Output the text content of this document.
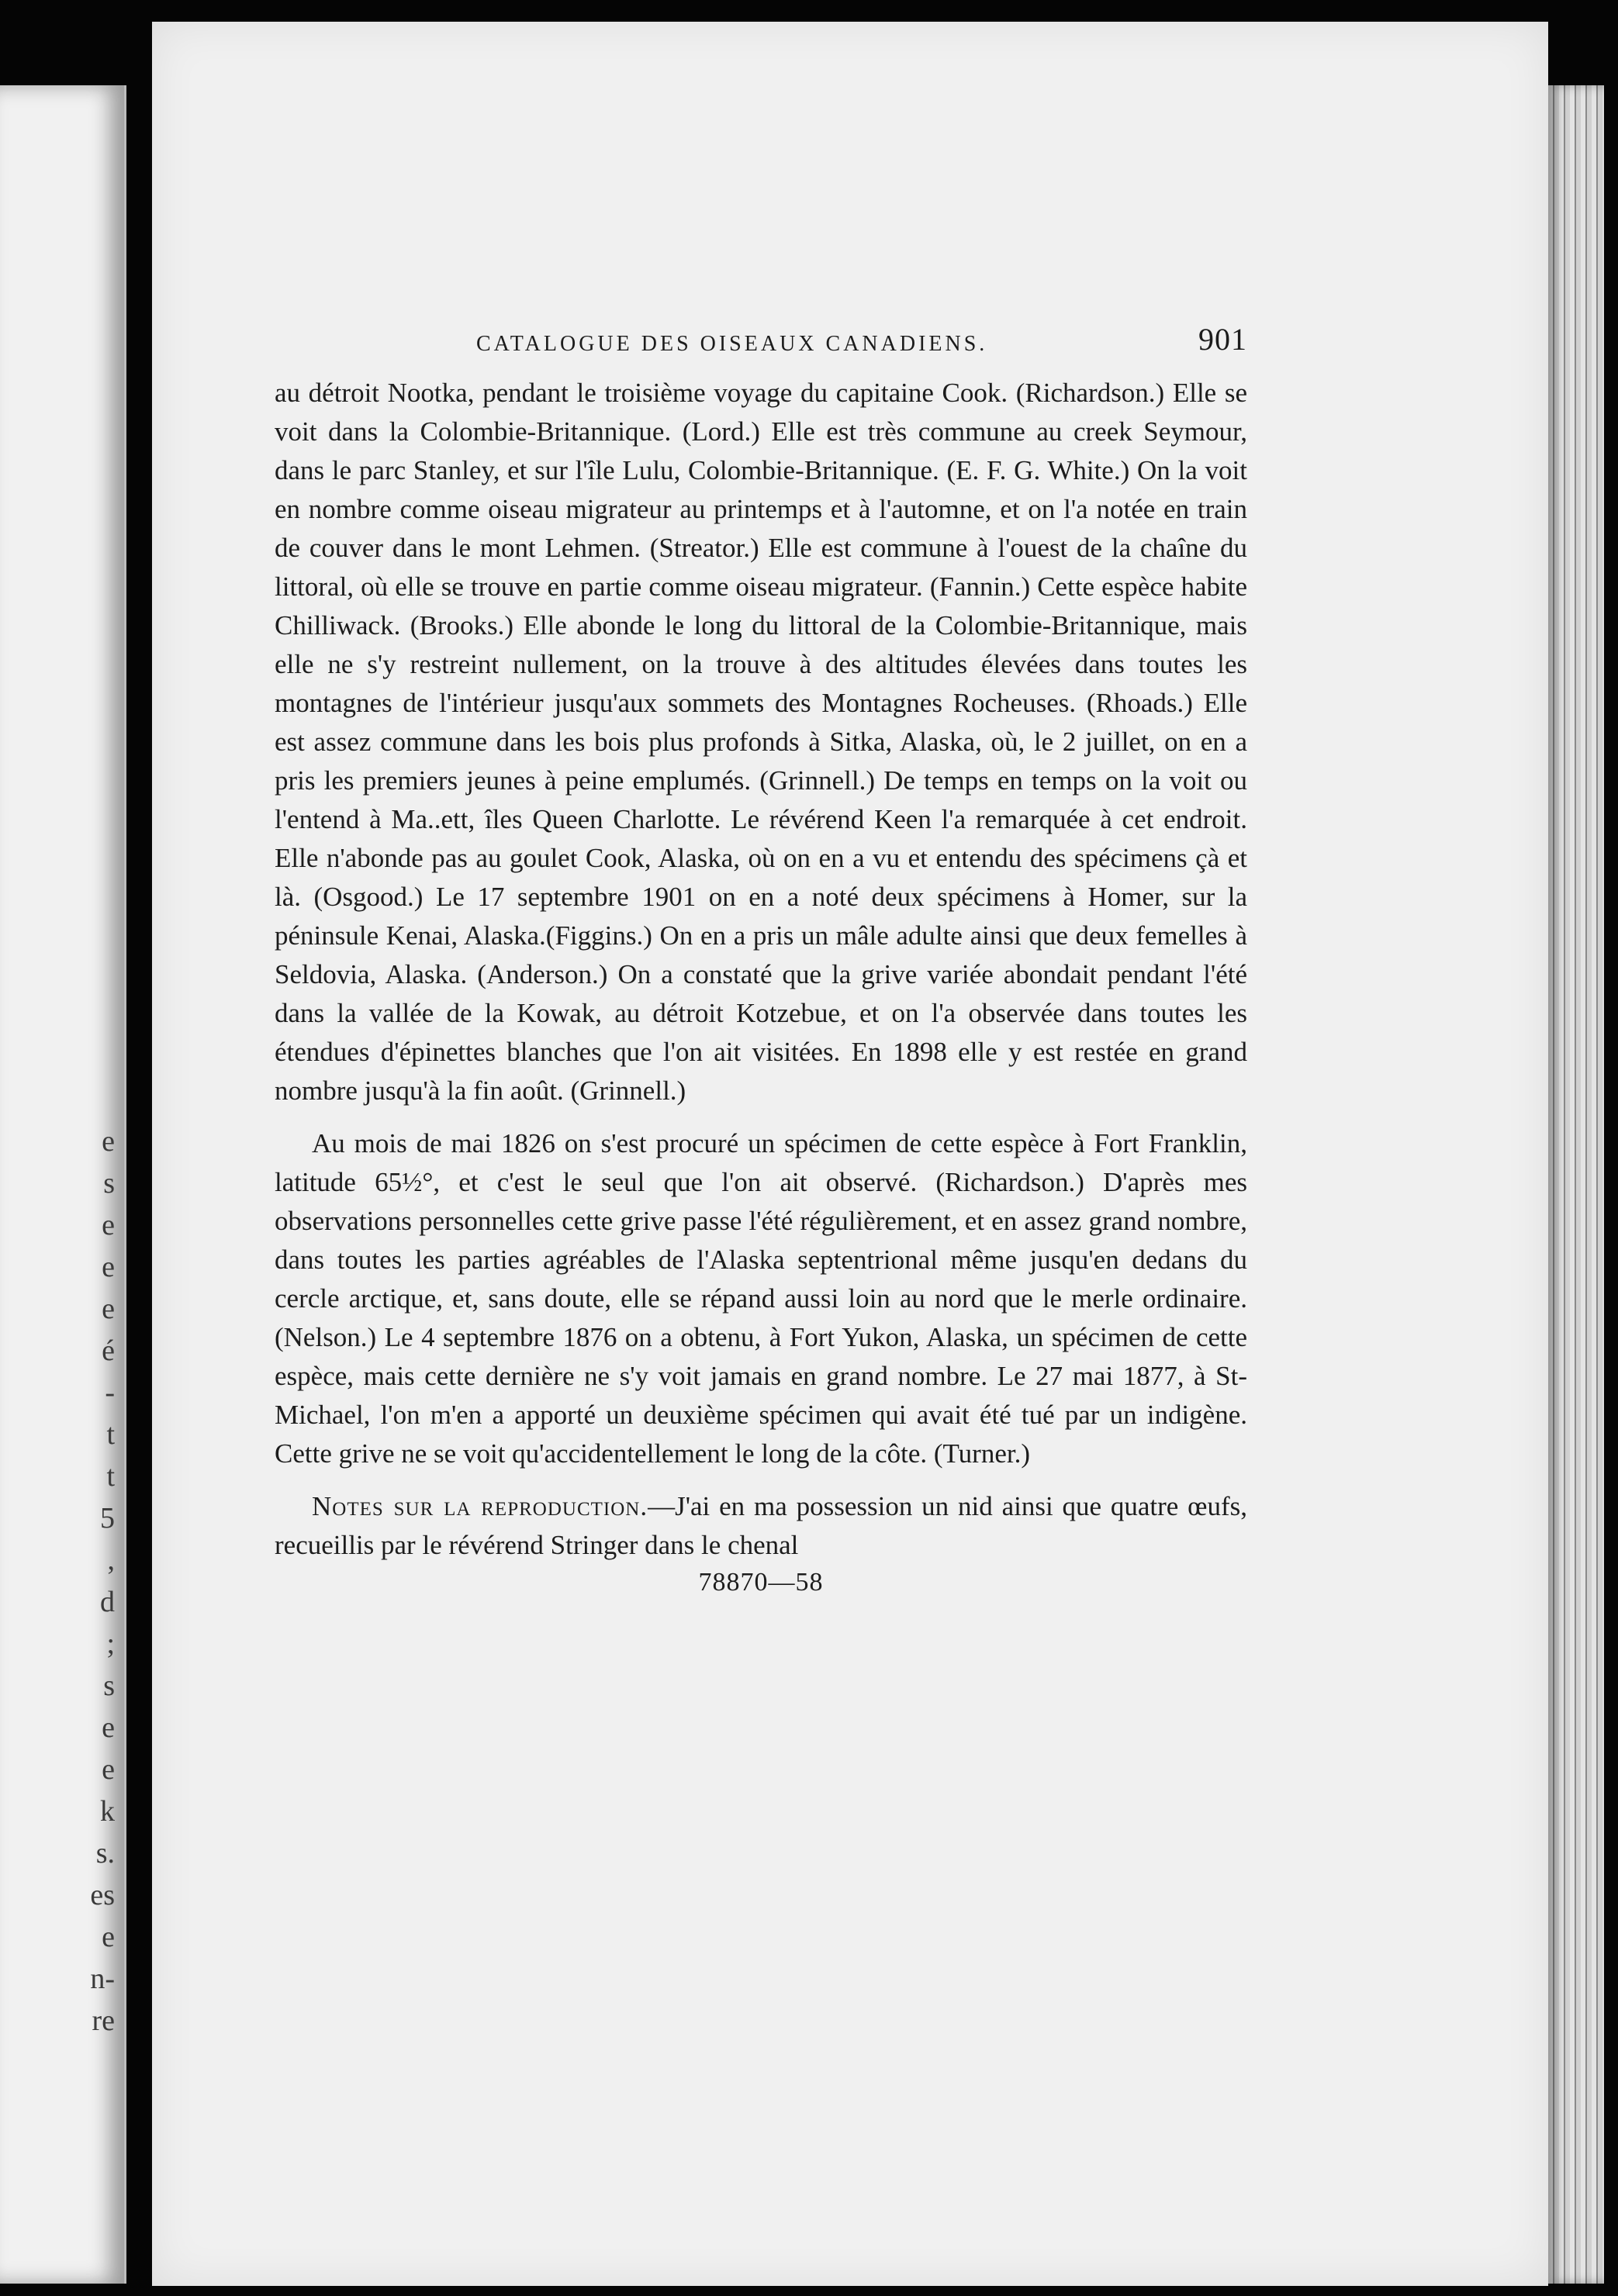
e
s
e
e
e
é
-
t
t
5
,
d
;
s
e
e
k
s.
es
e
n-
re
CATALOGUE DES OISEAUX CANADIENS.	901

au détroit Nootka, pendant le troisième voyage du capitaine Cook. (Richardson.) Elle se voit dans la Colombie-Britannique. (Lord.) Elle est très commune au creek Seymour, dans le parc Stanley, et sur l'île Lulu, Colombie-Britannique. (E. F. G. White.) On la voit en nombre comme oiseau migrateur au printemps et à l'automne, et on l'a notée en train de couver dans le mont Lehmen. (Streator.) Elle est commune à l'ouest de la chaîne du littoral, où elle se trouve en partie comme oiseau migrateur. (Fannin.) Cette espèce habite Chilliwack. (Brooks.) Elle abonde le long du littoral de la Colombie-Britannique, mais elle ne s'y restreint nullement, on la trouve à des altitudes élevées dans toutes les montagnes de l'intérieur jusqu'aux sommets des Montagnes Rocheuses. (Rhoads.) Elle est assez commune dans les bois plus profonds à Sitka, Alaska, où, le 2 juillet, on en a pris les premiers jeunes à peine emplumés. (Grinnell.) De temps en temps on la voit ou l'entend à Ma..ett, îles Queen Charlotte. Le révérend Keen l'a remarquée à cet endroit. Elle n'abonde pas au goulet Cook, Alaska, où on en a vu et entendu des spécimens çà et là. (Osgood.) Le 17 septembre 1901 on en a noté deux spécimens à Homer, sur la péninsule Kenai, Alaska.(Figgins.) On en a pris un mâle adulte ainsi que deux femelles à Seldovia, Alaska. (Anderson.) On a constaté que la grive variée abondait pendant l'été dans la vallée de la Kowak, au détroit Kotzebue, et on l'a observée dans toutes les étendues d'épinettes blanches que l'on ait visitées. En 1898 elle y est restée en grand nombre jusqu'à la fin août. (Grinnell.)

Au mois de mai 1826 on s'est procuré un spécimen de cette espèce à Fort Franklin, latitude 65½°, et c'est le seul que l'on ait observé. (Richardson.) D'après mes observations personnelles cette grive passe l'été régulièrement, et en assez grand nombre, dans toutes les parties agréables de l'Alaska septentrional même jusqu'en dedans du cercle arctique, et, sans doute, elle se répand aussi loin au nord que le merle ordinaire. (Nelson.) Le 4 septembre 1876 on a obtenu, à Fort Yukon, Alaska, un spécimen de cette espèce, mais cette dernière ne s'y voit jamais en grand nombre. Le 27 mai 1877, à St-Michael, l'on m'en a apporté un deuxième spécimen qui avait été tué par un indigène. Cette grive ne se voit qu'accidentellement le long de la côte. (Turner.)

Notes sur la reproduction.—J'ai en ma possession un nid ainsi que quatre œufs, recueillis par le révérend Stringer dans le chenal

78870—58
